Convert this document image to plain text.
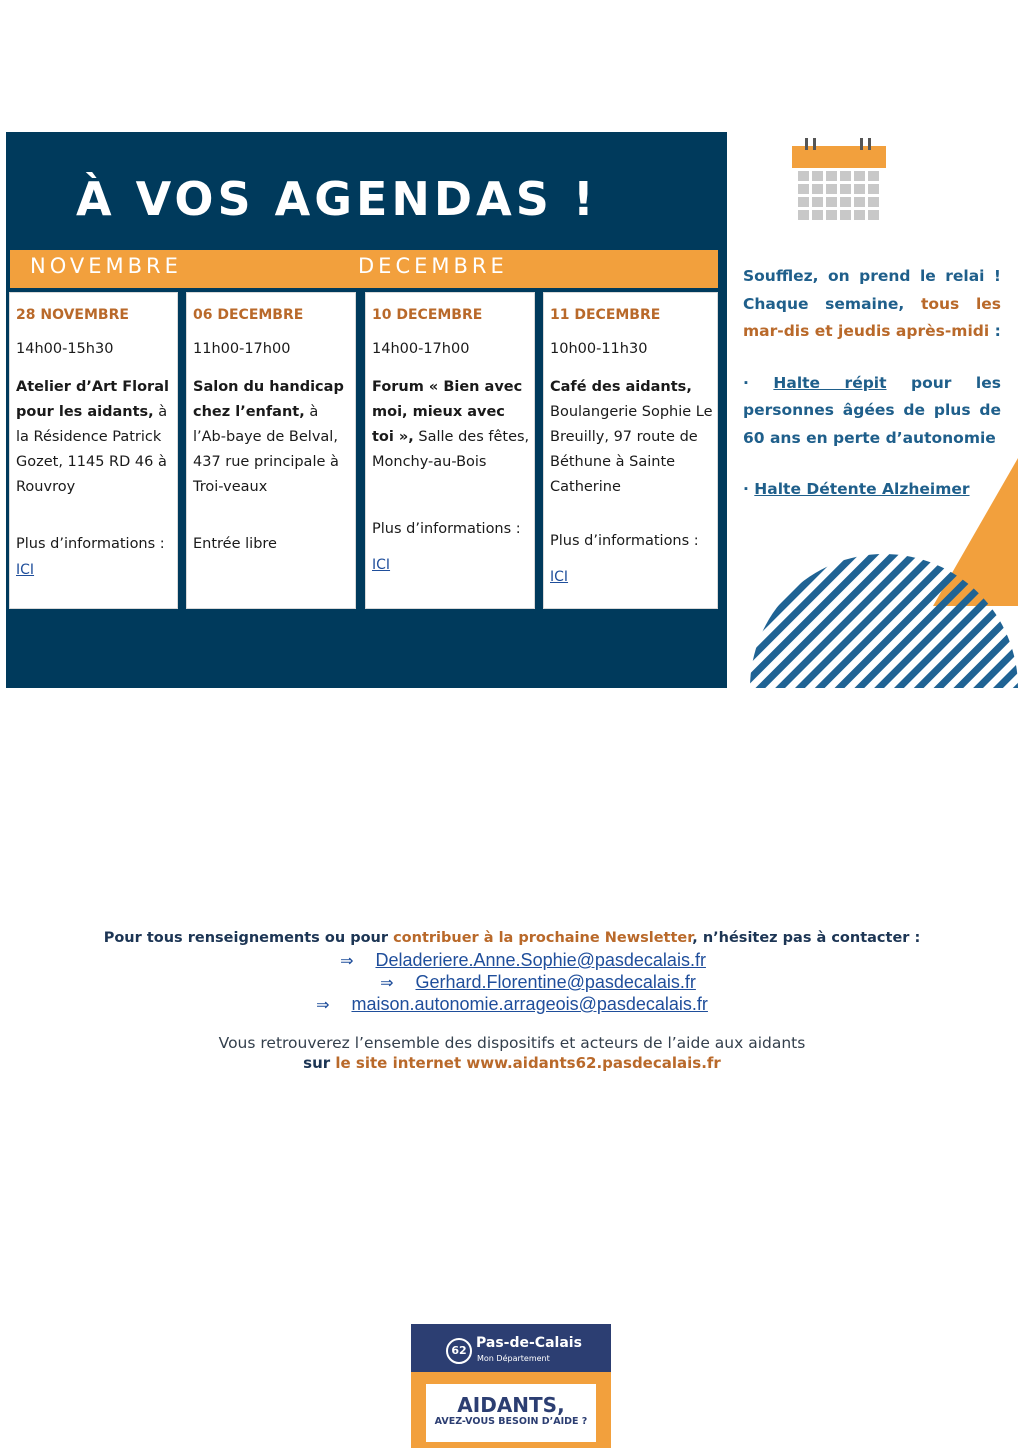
À VOS AGENDAS !
NOVEMBRE	DECEMBRE
28 NOVEMBRE
14h00-15h30
Atelier d’Art Floral pour les aidants, à la Résidence Patrick Gozet, 1145 RD 46 à Rouvroy
Plus d’informations :
ICI
06 DECEMBRE
11h00-17h00
Salon du handicap chez l’enfant, à l’Ab-baye de Belval, 437 rue principale à Troi-veaux
Entrée libre
10 DECEMBRE
14h00-17h00
Forum « Bien avec moi, mieux avec toi », Salle des fêtes, Monchy-au-Bois
Plus d’informations :
ICI
11 DECEMBRE
10h00-11h30
Café des aidants, Boulangerie Sophie Le Breuilly, 97 route de Béthune à Sainte Catherine
Plus d’informations :
ICI

Soufflez, on prend le relai ! Chaque semaine, tous les mar-dis et jeudis après-midi :

· Halte répit pour les personnes âgées de plus de 60 ans en perte d’autonomie

· Halte Détente Alzheimer

Pour tous renseignements ou pour contribuer à la prochaine Newsletter, n’hésitez pas à contacter :
⇒ Deladeriere.Anne.Sophie@pasdecalais.fr
⇒ Gerhard.Florentine@pasdecalais.fr
⇒ maison.autonomie.arrageois@pasdecalais.fr
Vous retrouverez l’ensemble des dispositifs et acteurs de l’aide aux aidants
sur le site internet www.aidants62.pasdecalais.fr
62 Pas-de-Calais
Mon Département
AIDANTS,
AVEZ-VOUS BESOIN D’AIDE ?
